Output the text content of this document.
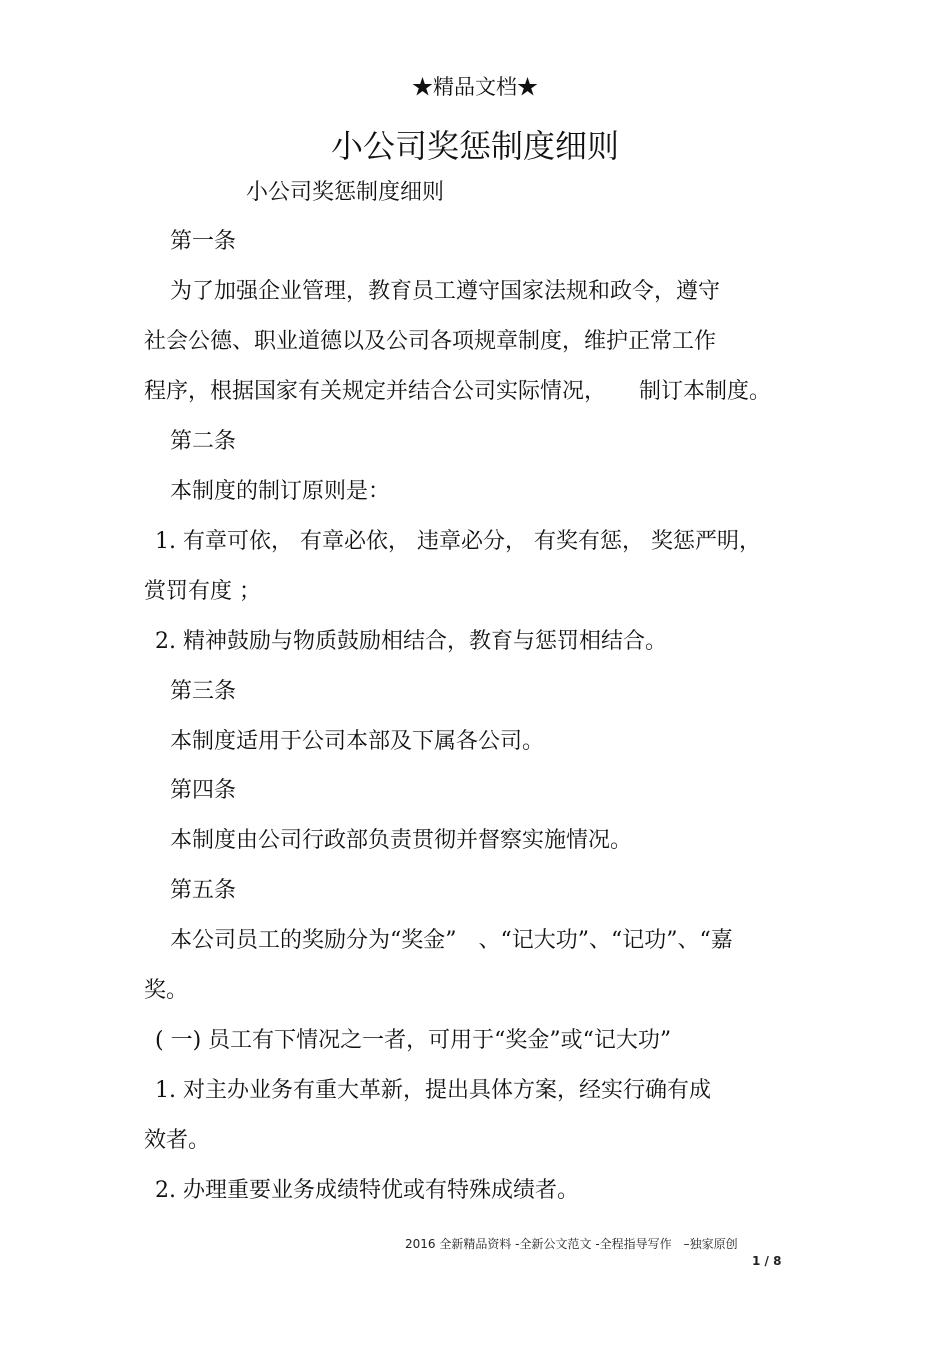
★精品文档★
小公司奖惩制度细则
小公司奖惩制度细则
第一条
为了加强企业管理，教育员工遵守国家法规和政令，遵守
社会公德、职业道德以及公司各项规章制度，维护正常工作
程序，根据国家有关规定并结合公司实际情况，　　制订本制度。
第二条
本制度的制订原则是：
1. 有章可依， 有章必依， 违章必分， 有奖有惩， 奖惩严明，
赏罚有度 ；
2. 精神鼓励与物质鼓励相结合，教育与惩罚相结合。
第三条
本制度适用于公司本部及下属各公司。
第四条
本制度由公司行政部负责贯彻并督察实施情况。
第五条
本公司员工的奖励分为“奖金”　、“记大功”、“记功”、“嘉
奖。
( 一) 员工有下情况之一者，可用于“奖金”或“记大功”
1. 对主办业务有重大革新，提出具体方案，经实行确有成
效者。
2. 办理重要业务成绩特优或有特殊成绩者。
2016 全新精品资料 -全新公文范文 -全程指导写作　–独家原创
1 / 8
